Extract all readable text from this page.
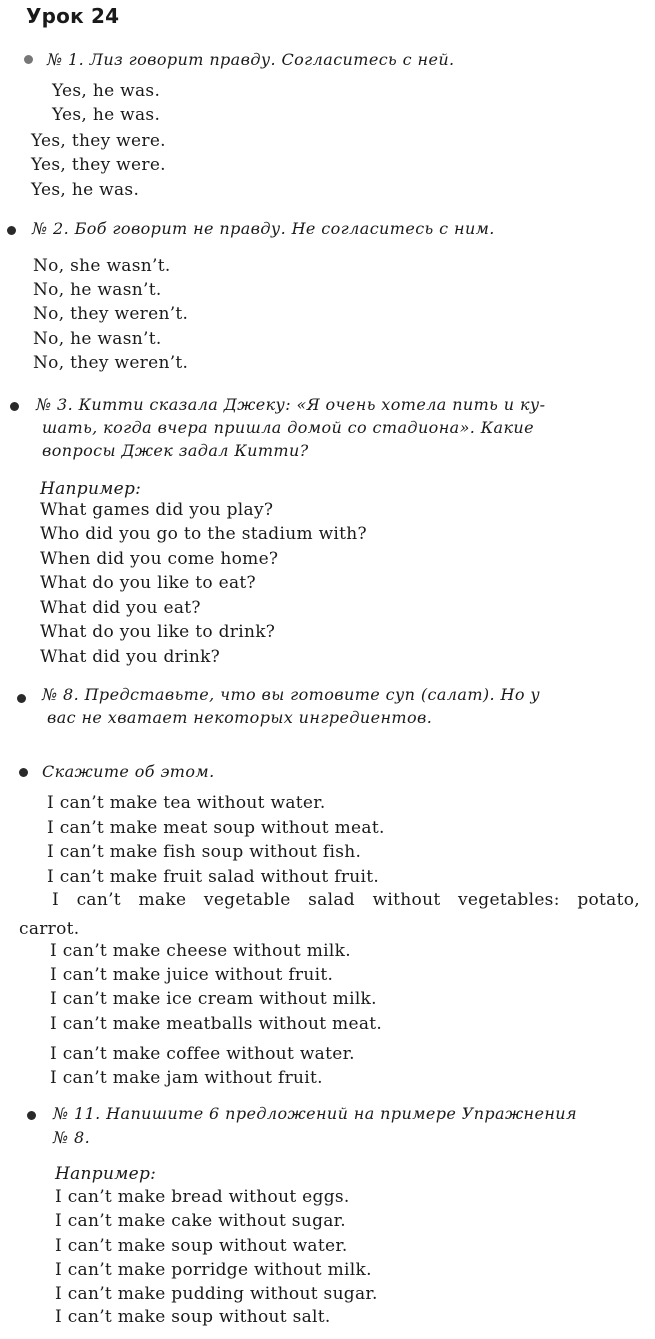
Урок 24
№ 1. Лиз говорит правду. Согласитесь с ней.
Yes, he was.
Yes, he was.
Yes, they were.
Yes, they were.
Yes, he was.
№ 2. Боб говорит не правду. Не согласитесь с ним.
No, she wasn’t.
No, he wasn’t.
No, they weren’t.
No, he wasn’t.
No, they weren’t.
№ 3. Китти сказала Джеку: «Я очень хотела пить и ку-
шать, когда вчера пришла домой со стадиона». Какие
вопросы Джек задал Китти?
Например:
What games did you play?
Who did you go to the stadium with?
When did you come home?
What do you like to eat?
What did you eat?
What do you like to drink?
What did you drink?
№ 8. Представьте, что вы готовите суп (салат). Но у
вас не хватает некоторых ингредиентов.
Скажите об этом.
I can’t make tea without water.
I can’t make meat soup without meat.
I can’t make fish soup without fish.
I can’t make fruit salad without fruit.
I can’t make vegetable salad without vegetables: potato,
carrot.
I can’t make cheese without milk.
I can’t make juice without fruit.
I can’t make ice cream without milk.
I can’t make meatballs without meat.
I can’t make coffee without water.
I can’t make jam without fruit.
№ 11. Напишите 6 предложений на примере Упражнения
№ 8.
Например:
I can’t make bread without eggs.
I can’t make cake without sugar.
I can’t make soup without water.
I can’t make porridge without milk.
I can’t make pudding without sugar.
I can’t make soup without salt.
